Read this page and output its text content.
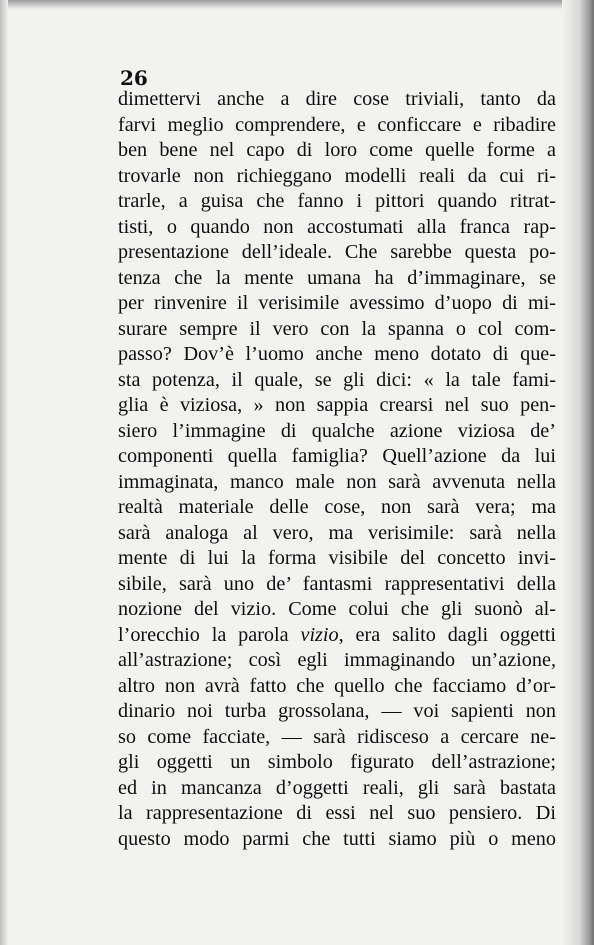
26
dimettervi anche a dire cose triviali, tanto da
farvi meglio comprendere, e conficcare e ribadire
ben bene nel capo di loro come quelle forme a
trovarle non richieggano modelli reali da cui ri-
trarle, a guisa che fanno i pittori quando ritrat-
tisti, o quando non accostumati alla franca rap-
presentazione dell’ideale. Che sarebbe questa po-
tenza che la mente umana ha d’immaginare, se
per rinvenire il verisimile avessimo d’uopo di mi-
surare sempre il vero con la spanna o col com-
passo? Dov’è l’uomo anche meno dotato di que-
sta potenza, il quale, se gli dici: « la tale fami-
glia è viziosa, » non sappia crearsi nel suo pen-
siero l’immagine di qualche azione viziosa de’
componenti quella famiglia? Quell’azione da lui
immaginata, manco male non sarà avvenuta nella
realtà materiale delle cose, non sarà vera; ma
sarà analoga al vero, ma verisimile: sarà nella
mente di lui la forma visibile del concetto invi-
sibile, sarà uno de’ fantasmi rappresentativi della
nozione del vizio. Come colui che gli suonò al-
l’orecchio la parola vizio, era salito dagli oggetti
all’astrazione; così egli immaginando un’azione,
altro non avrà fatto che quello che facciamo d’or-
dinario noi turba grossolana, — voi sapienti non
so come facciate, — sarà ridisceso a cercare ne-
gli oggetti un simbolo figurato dell’astrazione;
ed in mancanza d’oggetti reali, gli sarà bastata
la rappresentazione di essi nel suo pensiero. Di
questo modo parmi che tutti siamo più o meno
